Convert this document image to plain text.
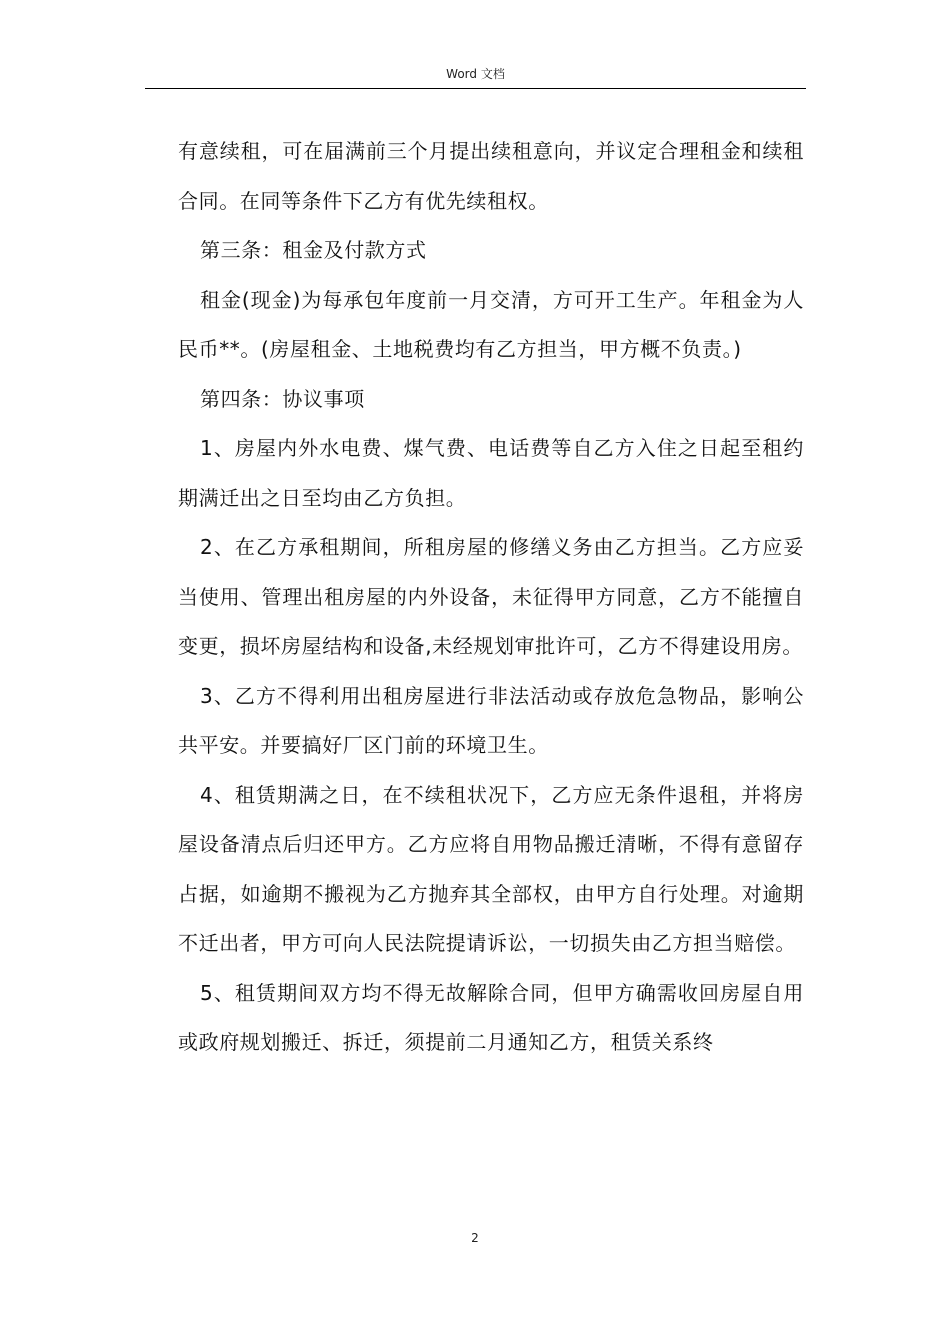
Word 文档

有意续租，可在届满前三个月提出续租意向，并议定合理租金和续租合同。在同等条件下乙方有优先续租权。

第三条：租金及付款方式

租金(现金)为每承包年度前一月交清，方可开工生产。年租金为人民币**。(房屋租金、土地税费均有乙方担当，甲方概不负责。)

第四条：协议事项

1、房屋内外水电费、煤气费、电话费等自乙方入住之日起至租约期满迁出之日至均由乙方负担。

2、在乙方承租期间，所租房屋的修缮义务由乙方担当。乙方应妥当使用、管理出租房屋的内外设备，未征得甲方同意，乙方不能擅自变更，损坏房屋结构和设备,未经规划审批许可，乙方不得建设用房。

3、乙方不得利用出租房屋进行非法活动或存放危急物品，影响公共平安。并要搞好厂区门前的环境卫生。

4、租赁期满之日，在不续租状况下，乙方应无条件退租，并将房屋设备清点后归还甲方。乙方应将自用物品搬迁清晰，不得有意留存占据，如逾期不搬视为乙方抛弃其全部权，由甲方自行处理。对逾期不迁出者，甲方可向人民法院提请诉讼，一切损失由乙方担当赔偿。

5、租赁期间双方均不得无故解除合同，但甲方确需收回房屋自用或政府规划搬迁、拆迁，须提前二月通知乙方，租赁关系终

2
